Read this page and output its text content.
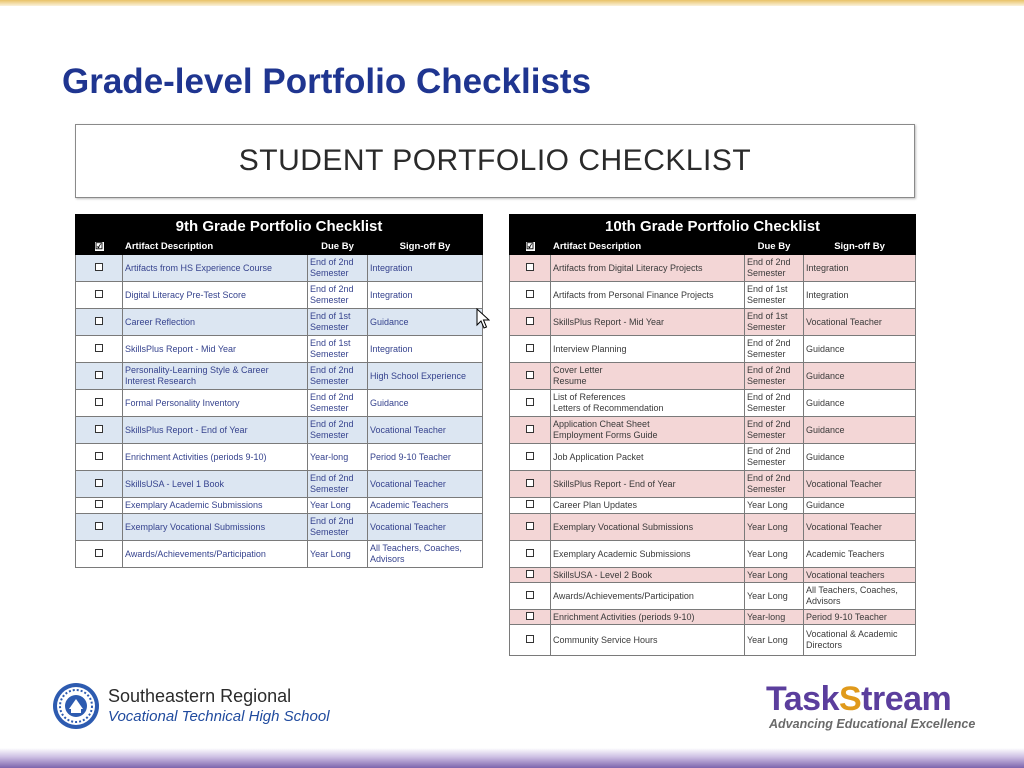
Grade-level Portfolio Checklists
STUDENT PORTFOLIO CHECKLIST
9th Grade Portfolio Checklist			
☑	Artifact Description	Due By	Sign-off By
	Artifacts from HS Experience Course	End of 2nd
Semester	Integration
	Digital Literacy Pre-Test Score	End of 2nd
Semester	Integration
	Career Reflection	End of 1st
Semester	Guidance
	SkillsPlus Report - Mid Year	End of 1st
Semester	Integration
	Personality-Learning Style & Career
Interest Research	End of 2nd
Semester	High School Experience
	Formal Personality Inventory	End of 2nd
Semester	Guidance
	SkillsPlus Report - End of Year	End of 2nd
Semester	Vocational Teacher
	Enrichment Activities (periods 9-10)	Year-long	Period 9-10 Teacher
	SkillsUSA - Level 1 Book	End of 2nd
Semester	Vocational Teacher
	Exemplary Academic Submissions	Year Long	Academic Teachers
	Exemplary Vocational Submissions	End of 2nd
Semester	Vocational Teacher
	Awards/Achievements/Participation	Year Long	All Teachers, Coaches,
Advisors
10th Grade Portfolio Checklist			
☑	Artifact Description	Due By	Sign-off By
	Artifacts from Digital Literacy Projects	End of 2nd
Semester	Integration
	Artifacts from Personal Finance Projects	End of 1st
Semester	Integration
	SkillsPlus Report - Mid Year	End of 1st
Semester	Vocational Teacher
	Interview Planning	End of 2nd
Semester	Guidance
	Cover Letter
Resume	End of 2nd
Semester	Guidance
	List of References
Letters of Recommendation	End of 2nd
Semester	Guidance
	Application Cheat Sheet
Employment Forms Guide	End of 2nd
Semester	Guidance
	Job Application Packet	End of 2nd
Semester	Guidance
	SkillsPlus Report - End of Year	End of 2nd
Semester	Vocational Teacher
	Career Plan Updates	Year Long	Guidance
	Exemplary Vocational Submissions	Year Long	Vocational Teacher
	Exemplary Academic Submissions	Year Long	Academic Teachers
	SkillsUSA - Level 2 Book	Year Long	Vocational teachers
	Awards/Achievements/Participation	Year Long	All Teachers, Coaches,
Advisors
	Enrichment Activities (periods 9-10)	Year-long	Period 9-10 Teacher
	Community Service Hours	Year Long	Vocational & Academic
Directors
Southeastern Regional
Vocational Technical High School	TaskStream
Advancing Educational Excellence
